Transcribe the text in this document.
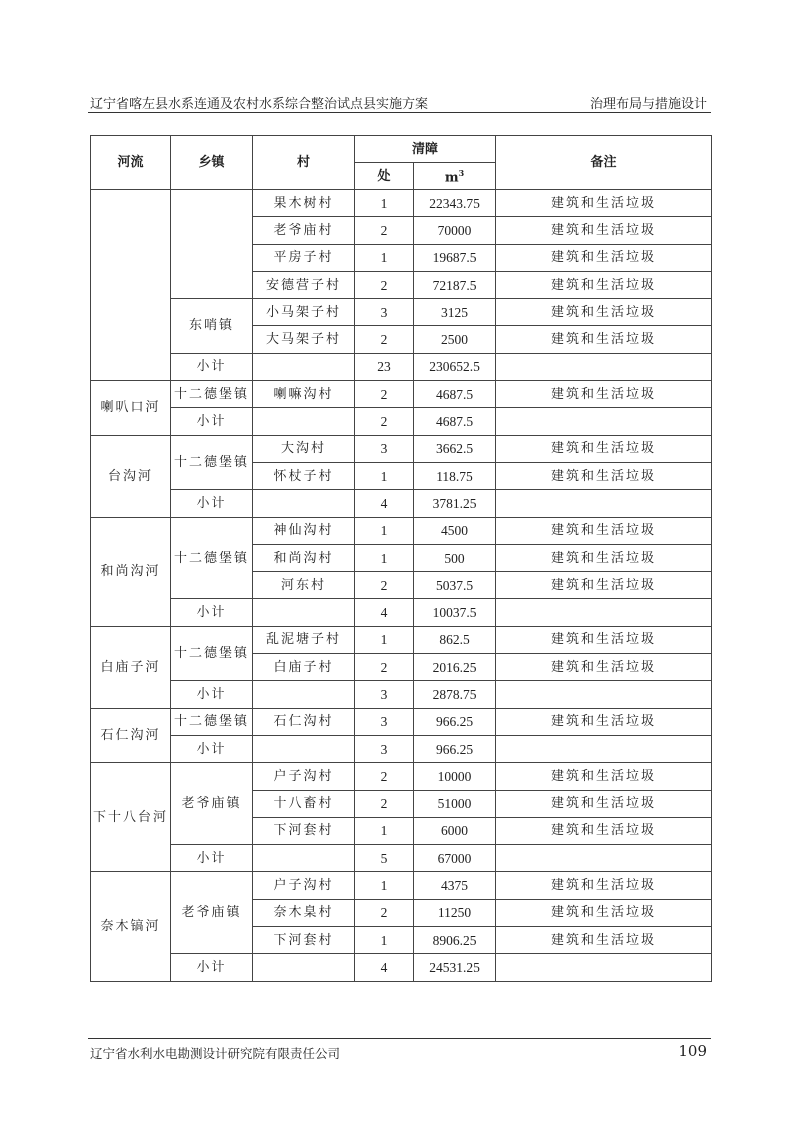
辽宁省喀左县水系连通及农村水系综合整治试点县实施方案	治理布局与措施设计
河流	乡镇	村	清障		备注
			处	$m^3$
		果木树村	1	22343.75	建筑和生活垃圾
		老爷庙村	2	70000	建筑和生活垃圾
		平房子村	1	19687.5	建筑和生活垃圾
		安德营子村	2	72187.5	建筑和生活垃圾
	东哨镇	小马架子村	3	3125	建筑和生活垃圾
		大马架子村	2	2500	建筑和生活垃圾
	小计		23	230652.5	
喇叭口河	十二德堡镇	喇嘛沟村	2	4687.5	建筑和生活垃圾
	小计		2	4687.5	
台沟河	十二德堡镇	大沟村	3	3662.5	建筑和生活垃圾
		怀杖子村	1	118.75	建筑和生活垃圾
	小计		4	3781.25	
和尚沟河	十二德堡镇	神仙沟村	1	4500	建筑和生活垃圾
		和尚沟村	1	500	建筑和生活垃圾
		河东村	2	5037.5	建筑和生活垃圾
	小计		4	10037.5	
白庙子河	十二德堡镇	乱泥塘子村	1	862.5	建筑和生活垃圾
		白庙子村	2	2016.25	建筑和生活垃圾
	小计		3	2878.75	
石仁沟河	十二德堡镇	石仁沟村	3	966.25	建筑和生活垃圾
	小计		3	966.25	
下十八台河	老爷庙镇	户子沟村	2	10000	建筑和生活垃圾
		十八畜村	2	51000	建筑和生活垃圾
		下河套村	1	6000	建筑和生活垃圾
	小计		5	67000	
奈木镐河	老爷庙镇	户子沟村	1	4375	建筑和生活垃圾
		奈木臬村	2	11250	建筑和生活垃圾
		下河套村	1	8906.25	建筑和生活垃圾
	小计		4	24531.25	
辽宁省水利水电勘测设计研究院有限责任公司	109
